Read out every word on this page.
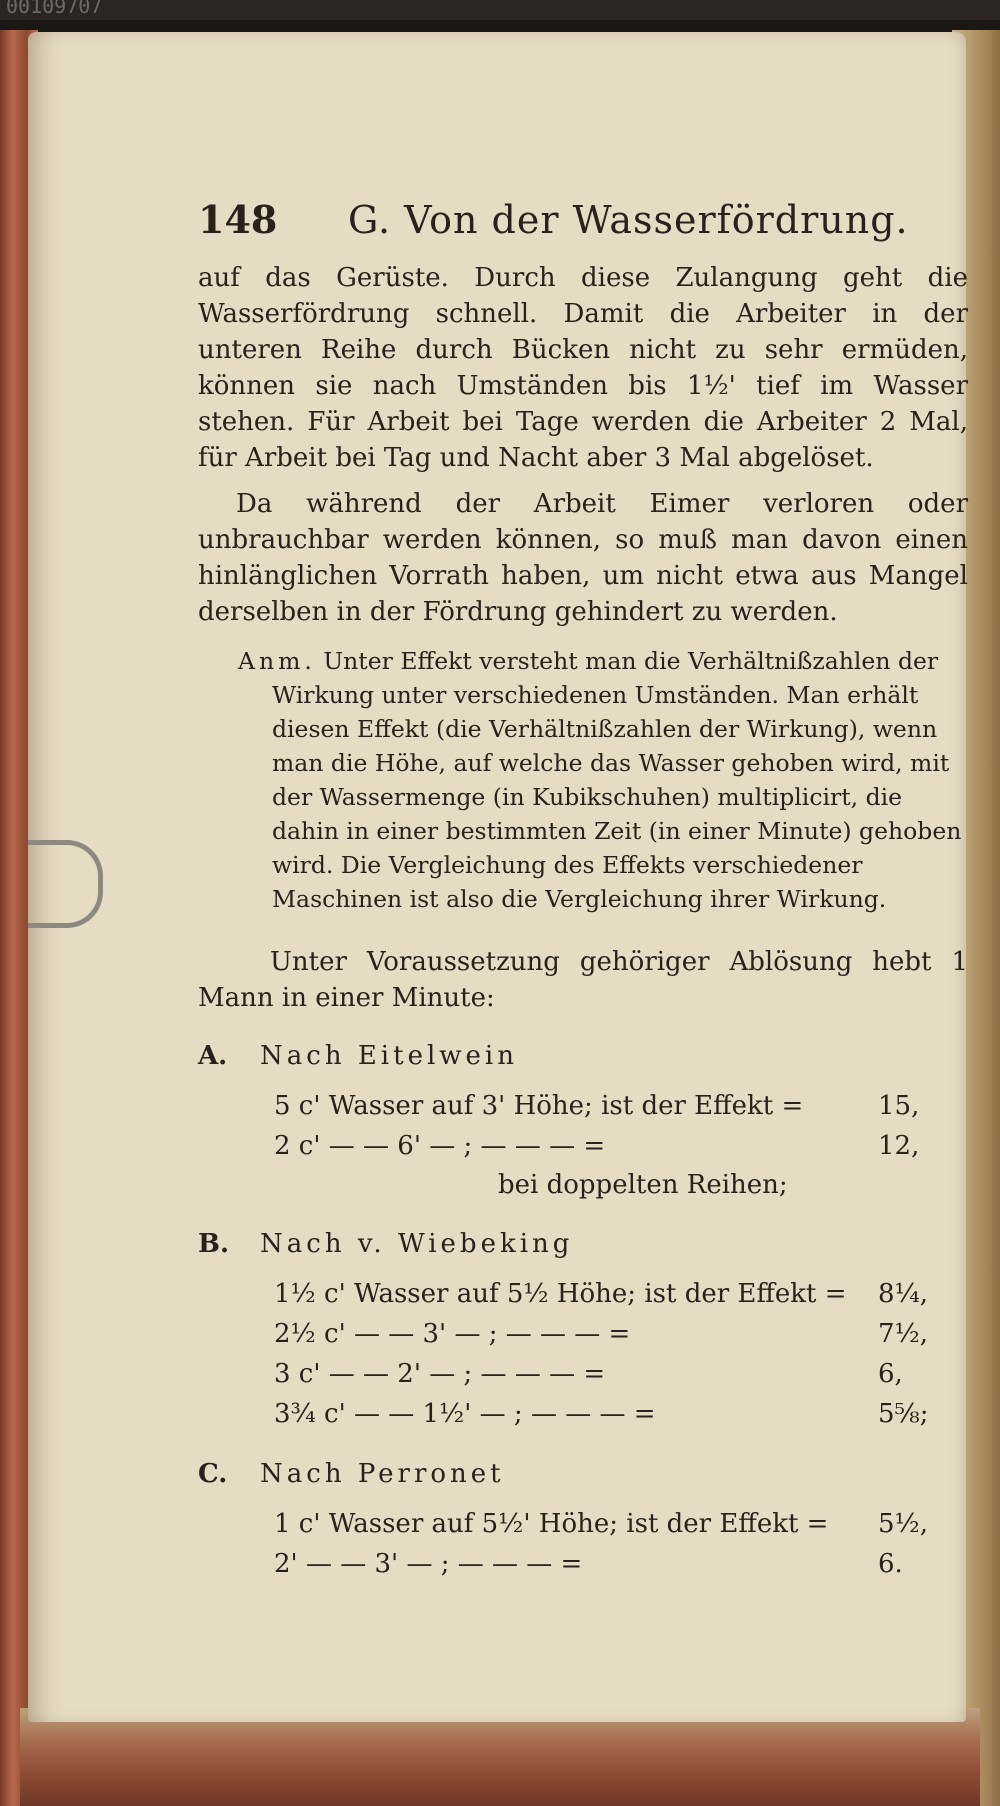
00109707
148	G. Von der Wasserfördrung.

auf das Gerüste. Durch diese Zulangung geht die Wasserfördrung schnell. Damit die Arbeiter in der unteren Reihe durch Bücken nicht zu sehr ermüden, können sie nach Umständen bis 1½' tief im Wasser stehen. Für Arbeit bei Tage werden die Arbeiter 2 Mal, für Arbeit bei Tag und Nacht aber 3 Mal abgelöset.

Da während der Arbeit Eimer verloren oder unbrauchbar werden können, so muß man davon einen hinlänglichen Vorrath haben, um nicht etwa aus Mangel derselben in der Fördrung gehindert zu werden.

Anm. Unter Effekt versteht man die Verhältnißzahlen der Wirkung unter verschiedenen Umständen. Man erhält diesen Effekt (die Verhältnißzahlen der Wirkung), wenn man die Höhe, auf welche das Wasser gehoben wird, mit der Wassermenge (in Kubikschuhen) multiplicirt, die dahin in einer bestimmten Zeit (in einer Minute) gehoben wird. Die Vergleichung des Effekts verschiedener Maschinen ist also die Vergleichung ihrer Wirkung.

Unter Voraussetzung gehöriger Ablösung hebt 1 Mann in einer Minute:

A.	Nach Eitelwein
5 c' Wasser auf 3' Höhe; ist der Effekt =	15,
2 c' — — 6' — ; — — — =	12,
bei doppelten Reihen;
B.	Nach v. Wiebeking
1½ c' Wasser auf 5½ Höhe; ist der Effekt =	8¼,
2½ c' — — 3' — ; — — — =	7½,
3 c' — — 2' — ; — — — =	6,
3¾ c' — — 1½' — ; — — — =	5⅝;
C.	Nach Perronet
1 c' Wasser auf 5½' Höhe; ist der Effekt =	5½,
2' — — 3' — ; — — — =	6.
